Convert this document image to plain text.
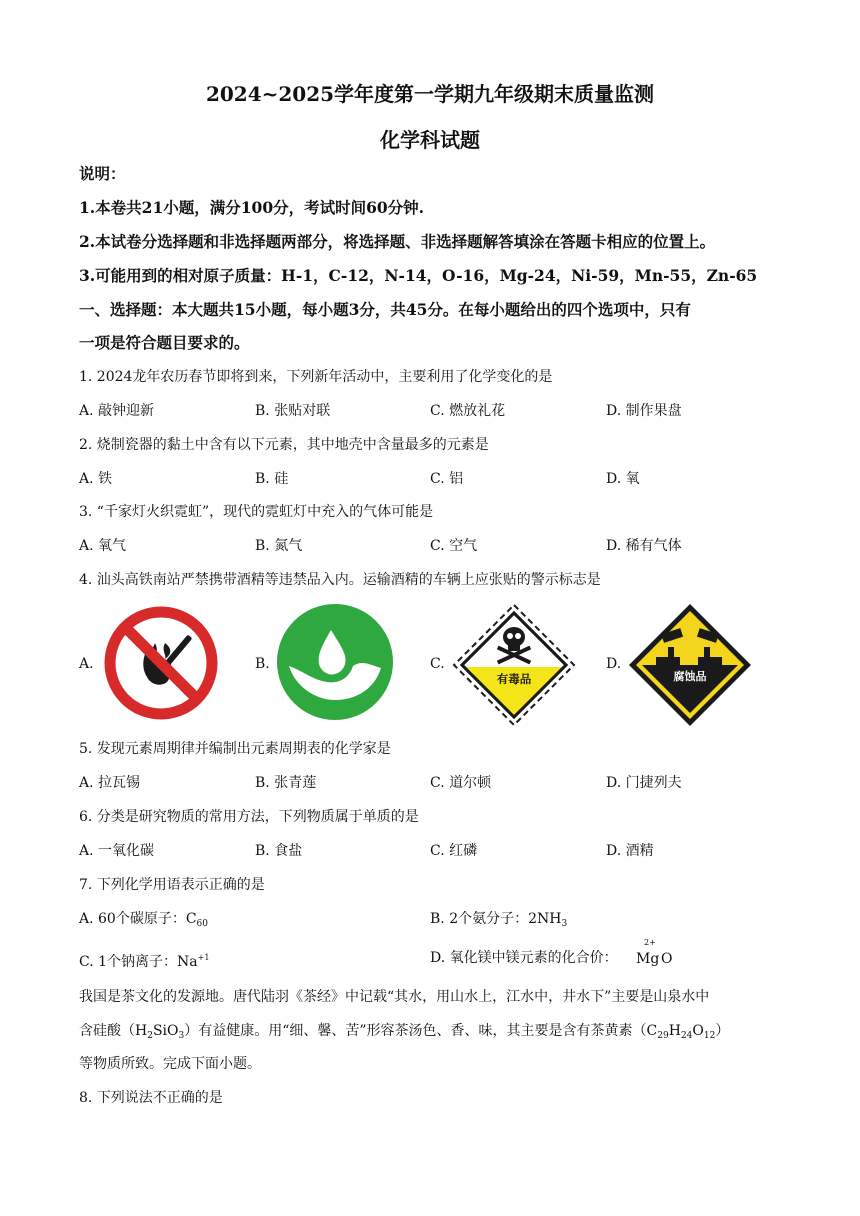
2024~2025学年度第一学期九年级期末质量监测
化学科试题
说明：
1.本卷共21小题，满分100分，考试时间60分钟.
2.本试卷分选择题和非选择题两部分，将选择题、非选择题解答填涂在答题卡相应的位置上。
3.可能用到的相对原子质量：H-1，C-12，N-14，O-16，Mg-24，Ni-59，Mn-55，Zn-65
一、选择题：本大题共15小题，每小题3分，共45分。在每小题给出的四个选项中，只有
一项是符合题目要求的。
1. 2024龙年农历春节即将到来，下列新年活动中，主要利用了化学变化的是
A. 敲钟迎新	B. 张贴对联	C. 燃放礼花	D. 制作果盘
2. 烧制瓷器的黏土中含有以下元素，其中地壳中含量最多的元素是
A. 铁	B. 硅	C. 铝	D. 氧
3. “千家灯火织霓虹”，现代的霓虹灯中充入的气体可能是
A. 氧气	B. 氮气	C. 空气	D. 稀有气体
4. 汕头高铁南站严禁携带酒精等违禁品入内。运输酒精的车辆上应张贴的警示标志是
A.	B.	C.
有毒品
D.
腐蚀品
5. 发现元素周期律并编制出元素周期表的化学家是
A. 拉瓦锡	B. 张青莲	C. 道尔顿	D. 门捷列夫
6. 分类是研究物质的常用方法，下列物质属于单质的是
A. 一氧化碳	B. 食盐	C. 红磷	D. 酒精
7. 下列化学用语表示正确的是
A. 60个碳原子：$C_{60}$	B. 2个氨分子：$2NH_3$
C. 1个钠离子：$Na^{+1}$	D. 氧化镁中镁元素的化合价：
2+
Mg O
我国是茶文化的发源地。唐代陆羽《茶经》中记载“其水，用山水上，江水中，井水下”主要是山泉水中
含硅酸$(H_2SiO_3)$有益健康。用“细、馨、苦”形容茶汤色、香、味，其主要是含有茶黄素$(C_{29}H_{24}O_{12})$
等物质所致。完成下面小题。
8. 下列说法不正确的是
